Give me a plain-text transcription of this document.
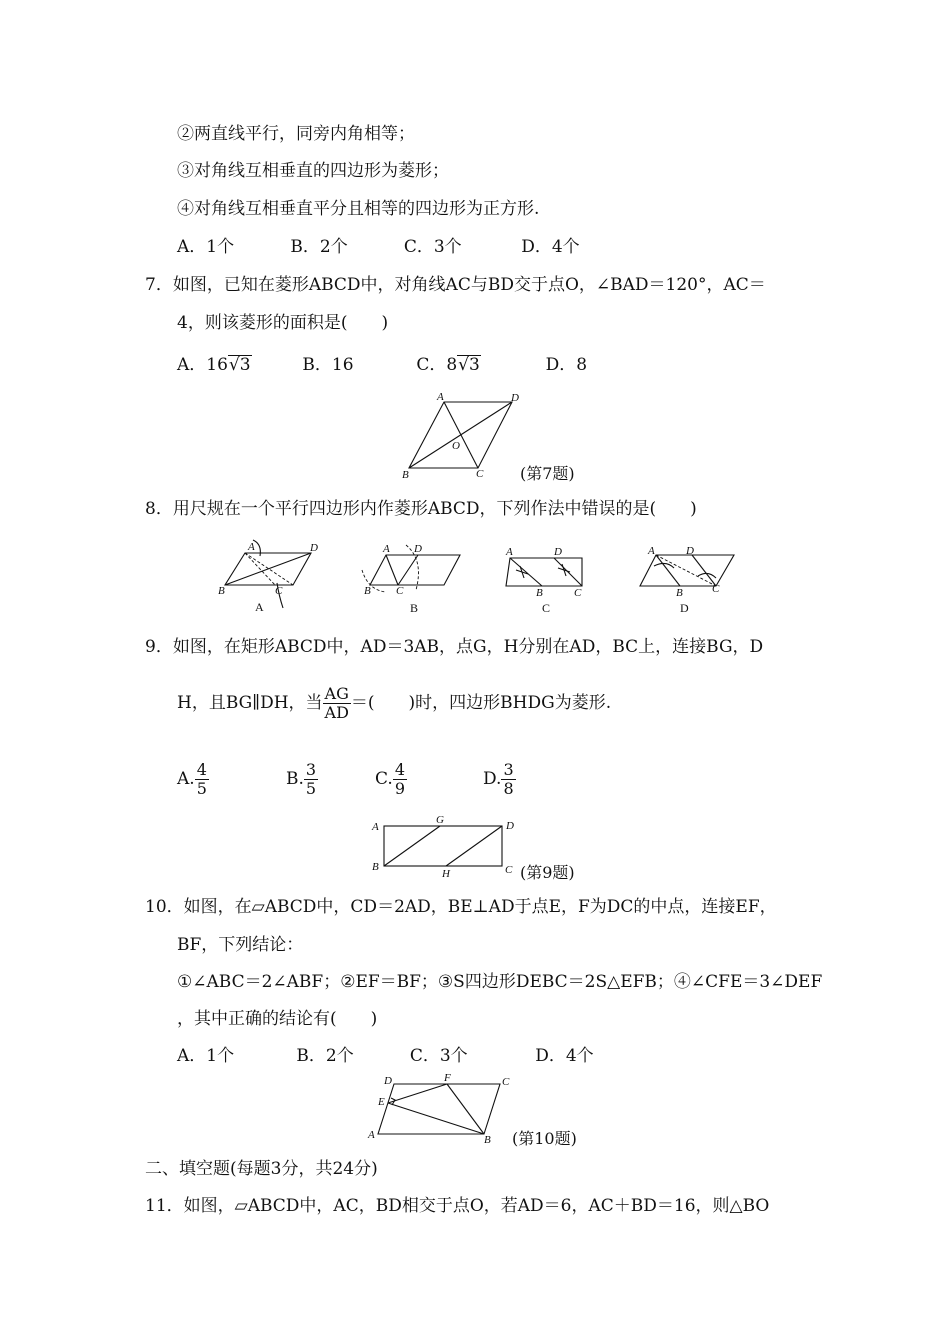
②两直线平行，同旁内角相等；
③对角线互相垂直的四边形为菱形；
④对角线互相垂直平分且相等的四边形为正方形.
A．1个	B．2个	C．3个	D．4个
7．如图，已知在菱形ABCD中，对角线AC与BD交于点O，∠BAD＝120°，AC＝
4，则该菱形的面积是(　　)
A．16√3	B．16	C．8√3	D．8
A	D
O
B	C (第7题)
8．用尺规在一个平行四边形内作菱形ABCD，下列作法中错误的是(　　)
A	D
B	C
A
A D
B C
B
A	D
B	C
C
A	D
B	C
D
9．如图，在矩形ABCD中，AD＝3AB，点G，H分别在AD，BC上，连接BG，D
H，且BG∥DH，当 $\frac{AG}{AD}$ ＝(　　)时，四边形BHDG为菱形.
A. $\frac{4}{5}$	B. $\frac{3}{5}$	C. $\frac{4}{9}$	D. $\frac{3}{8}$
A
G	D
B
H	C (第9题)
10．如图，在▱ABCD中，CD＝2AD，BE⊥AD于点E，F为DC的中点，连接EF，
BF，下列结论：
①∠ABC＝2∠ABF；②EF＝BF；③S四边形DEBC＝2S△EFB；④∠CFE＝3∠DEF
，其中正确的结论有(　　)
A．1个	B．2个	C．3个	D．4个
D	F	C
E
A	B (第10题)
二、填空题(每题3分，共24分)
11．如图，▱ABCD中，AC，BD相交于点O，若AD＝6，AC＋BD＝16，则△BO
